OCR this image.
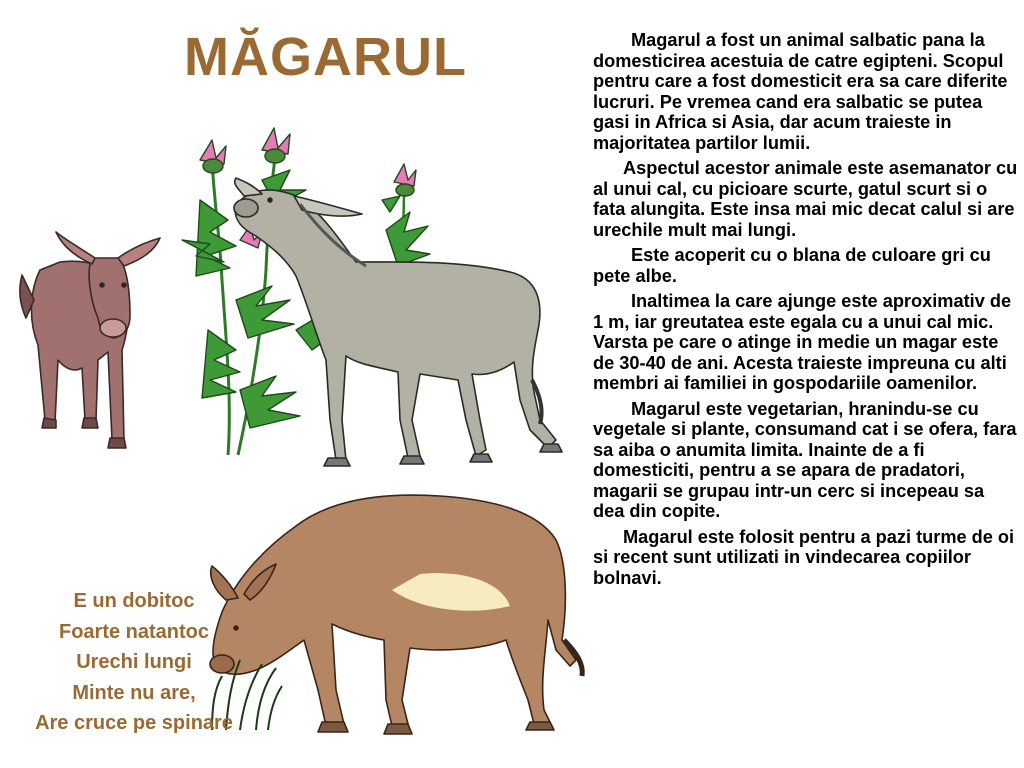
MĂGARUL	Magarul a fost un animal salbatic pana la domesticirea acestuia de catre egipteni. Scopul pentru care a fost domesticit era sa care diferite lucruri. Pe vremea cand era salbatic se putea gasi in Africa si Asia, dar acum traieste in majoritatea partilor lumii.

Aspectul acestor animale este asemanator cu al unui cal, cu picioare scurte, gatul scurt si o fata alungita. Este insa mai mic decat calul si are urechile mult mai lungi.

Este acoperit cu o blana de culoare gri cu pete albe.

Inaltimea la care ajunge este aproximativ de 1 m, iar greutatea este egala cu a unui cal mic. Varsta pe care o atinge in medie un magar este de 30-40 de ani. Acesta traieste impreuna cu alti membri ai familiei in gospodariile oamenilor.

Magarul este vegetarian, hranindu-se cu vegetale si plante, consumand cat i se ofera, fara sa aiba o anumita limita. Inainte de a fi domesticiti, pentru a se apara de pradatori, magarii se grupau intr-un cerc si incepeau sa dea din copite.

Magarul este folosit pentru a pazi turme de oi si recent sunt utilizati in vindecarea copiilor bolnavi.

E un dobitoc
Foarte natantoc
Urechi lungi
Minte nu are,
Are cruce pe spinare
